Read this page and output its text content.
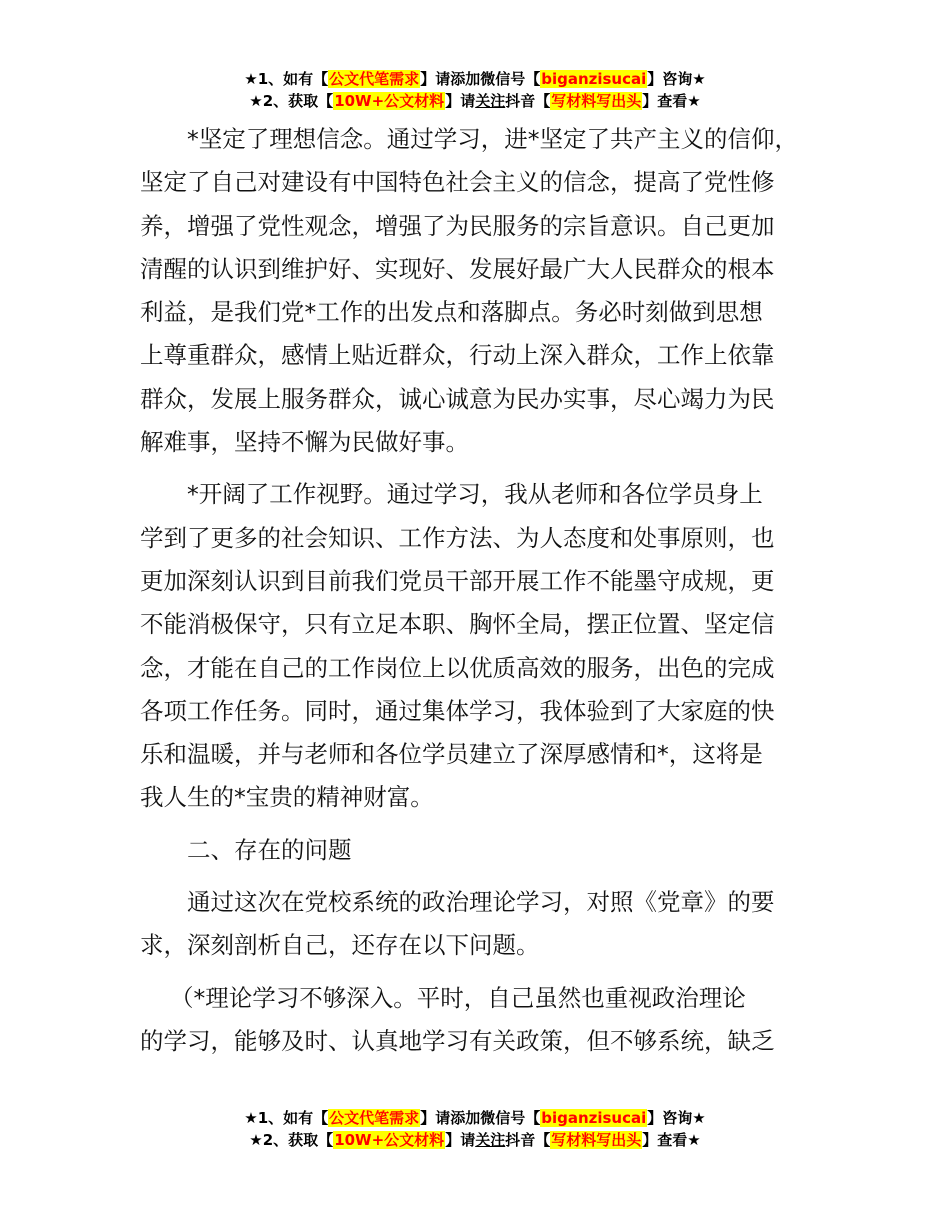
★1、如有【公文代笔需求】请添加微信号【biganzisucai】咨询★
★2、获取【10W+公文材料】请关注抖音【写材料写出头】查看★
*坚定了理想信念。通过学习，进*坚定了共产主义的信仰，
坚定了自己对建设有中国特色社会主义的信念，提高了党性修
养，增强了党性观念，增强了为民服务的宗旨意识。自己更加
清醒的认识到维护好、实现好、发展好最广大人民群众的根本
利益，是我们党*工作的出发点和落脚点。务必时刻做到思想
上尊重群众，感情上贴近群众，行动上深入群众，工作上依靠
群众，发展上服务群众，诚心诚意为民办实事，尽心竭力为民
解难事，坚持不懈为民做好事。
*开阔了工作视野。通过学习，我从老师和各位学员身上
学到了更多的社会知识、工作方法、为人态度和处事原则，也
更加深刻认识到目前我们党员干部开展工作不能墨守成规，更
不能消极保守，只有立足本职、胸怀全局，摆正位置、坚定信
念，才能在自己的工作岗位上以优质高效的服务，出色的完成
各项工作任务。同时，通过集体学习，我体验到了大家庭的快
乐和温暖，并与老师和各位学员建立了深厚感情和*，这将是
我人生的*宝贵的精神财富。
二、存在的问题
通过这次在党校系统的政治理论学习，对照《党章》的要
求，深刻剖析自己，还存在以下问题。
（*理论学习不够深入。平时，自己虽然也重视政治理论
的学习，能够及时、认真地学习有关政策，但不够系统，缺乏
★1、如有【公文代笔需求】请添加微信号【biganzisucai】咨询★
★2、获取【10W+公文材料】请关注抖音【写材料写出头】查看★
